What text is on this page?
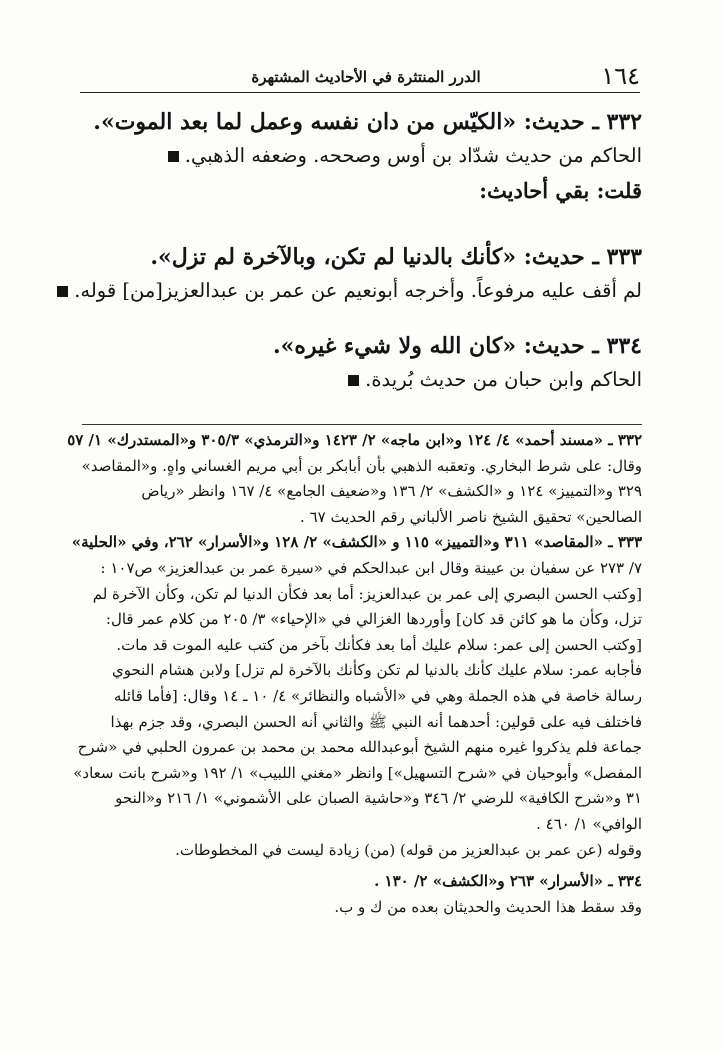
١٦٤
الدرر المنتثرة في الأحاديث المشتهرة
٣٣٢ ـ حديث: «الكيّس من دان نفسه وعمل لما بعد الموت».
الحاكم من حديث شدّاد بن أوس وصححه. وضعفه الذهبي.
قلت: بقي أحاديث:
٣٣٣ ـ حديث: «كأنك بالدنيا لم تكن، وبالآخرة لم تزل».
لم أقف عليه مرفوعاً. وأخرجه أبونعيم عن عمر بن عبدالعزيز[من] قوله.
٣٣٤ ـ حديث: «كان الله ولا شيء غيره».
الحاكم وابن حبان من حديث بُريدة.
٣٣٢ ـ «مسند أحمد» ٤/ ١٢٤ و«ابن ماجه» ٢/ ١٤٢٣ و«الترمذي» ٣٠٥/٣ و«المستدرك» ١/ ٥٧
وقال: على شرط البخاري. وتعقبه الذهبي بأن أبابكر بن أبي مريم الغساني واهٍ. و«المقاصد»
٣٢٩ و«التمييز» ١٢٤ و «الكشف» ٢/ ١٣٦ و«ضعيف الجامع» ٤/ ١٦٧ وانظر «رياض
الصالحين» تحقيق الشيخ ناصر الألباني رقم الحديث ٦٧ .
٣٣٣ ـ «المقاصد» ٣١١ و«التمييز» ١١٥ و «الكشف» ٢/ ١٢٨ و«الأسرار» ٢٦٢، وفي «الحلية»
٧/ ٢٧٣ عن سفيان بن عيينة وقال ابن عبدالحكم في «سيرة عمر بن عبدالعزيز» ص١٠٧ :
[وكتب الحسن البصري إلى عمر بن عبدالعزيز: أما بعد فكأن الدنيا لم تكن، وكأن الآخرة لم
تزل، وكأن ما هو كائن قد كان] وأوردها الغزالي في «الإحياء» ٣/ ٢٠٥ من كلام عمر قال:
[وكتب الحسن إلى عمر: سلام عليك أما بعد فكأنك بآخر من كتب عليه الموت قد مات.
فأجابه عمر: سلام عليك كأنك بالدنيا لم تكن وكأنك بالآخرة لم تزل] ولابن هشام النحوي
رسالة خاصة في هذه الجملة وهي في «الأشباه والنظائر» ٤/ ١٠ ـ ١٤ وقال: [فأما قائله
فاختلف فيه على قولين: أحدهما أنه النبي ﷺ والثاني أنه الحسن البصري، وقد جزم بهذا
جماعة فلم يذكروا غيره منهم الشيخ أبوعبدالله محمد بن محمد بن عمرون الحلبي في «شرح
المفصل» وأبوحيان في «شرح التسهيل»] وانظر «مغني اللبيب» ١/ ١٩٢ و«شرح بانت سعاد»
٣١ و«شرح الكافية» للرضي ٢/ ٣٤٦ و«حاشية الصبان على الأشموني» ١/ ٢١٦ و«النحو
الوافي» ١/ ٤٦٠ .
وقوله (عن عمر بن عبدالعزيز من قوله) (من) زيادة ليست في المخطوطات.
٣٣٤ ـ «الأسرار» ٢٦٣ و«الكشف» ٢/ ١٣٠ .
وقد سقط هذا الحديث والحديثان بعده من ك و ب.
